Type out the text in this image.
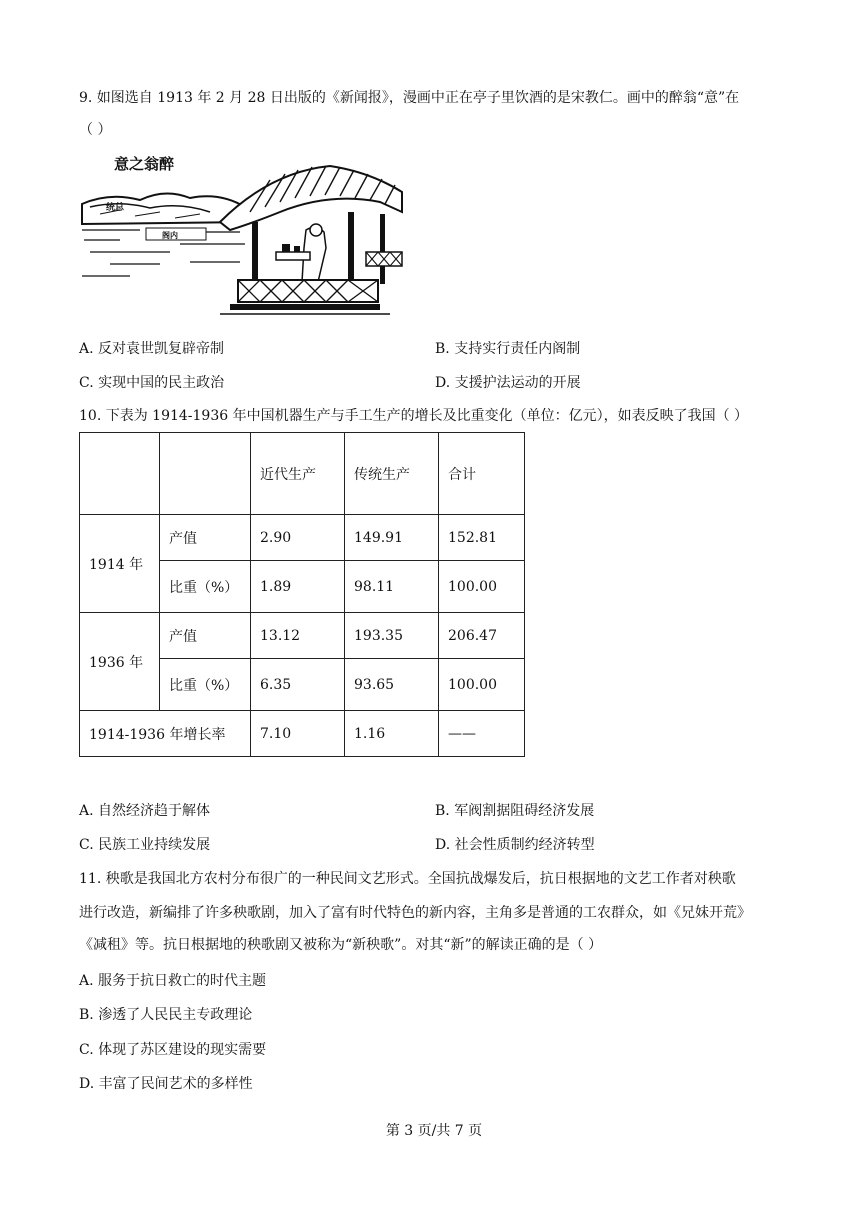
9. 如图选自 1913 年 2 月 28 日出版的《新闻报》，漫画中正在亭子里饮酒的是宋教仁。画中的醉翁“意”在
（ ）
意之翁醉
统总
阁内
A. 反对袁世凯复辟帝制	B. 支持实行责任内阁制
C. 实现中国的民主政治	D. 支援护法运动的开展
10. 下表为 1914-1936 年中国机器生产与手工生产的增长及比重变化（单位：亿元），如表反映了我国（ ）
		近代生产	传统生产	合计
1914 年	产值	2.90	149.91	152.81
	比重（%）	1.89	98.11	100.00
1936 年	产值	13.12	193.35	206.47
	比重（%）	6.35	93.65	100.00
1914-1936 年增长率		7.10	1.16	——
A. 自然经济趋于解体	B. 军阀割据阻碍经济发展
C. 民族工业持续发展	D. 社会性质制约经济转型
11. 秧歌是我国北方农村分布很广的一种民间文艺形式。全国抗战爆发后，抗日根据地的文艺工作者对秧歌
进行改造，新编排了许多秧歌剧，加入了富有时代特色的新内容，主角多是普通的工农群众，如《兄妹开荒》
《减租》等。抗日根据地的秧歌剧又被称为“新秧歌”。对其“新”的解读正确的是（ ）
A. 服务于抗日救亡的时代主题
B. 渗透了人民民主专政理论
C. 体现了苏区建设的现实需要
D. 丰富了民间艺术的多样性
第 3 页/共 7 页
